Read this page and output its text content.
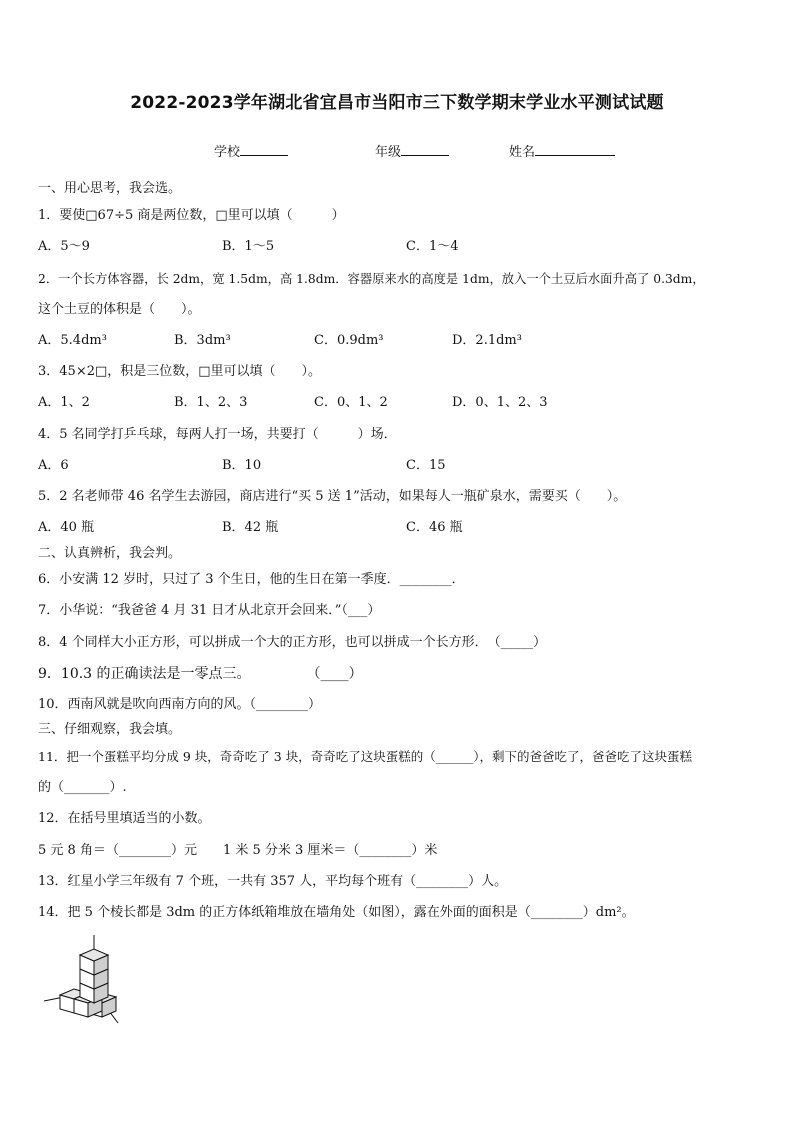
2022-2023学年湖北省宜昌市当阳市三下数学期末学业水平测试试题
学校	年级	姓名
一、用心思考，我会选。
1．要使□67÷5 商是两位数，□里可以填（　　　）
A．5～9	B．1～5	C．1～4
2．一个长方体容器，长 2dm，宽 1.5dm，高 1.8dm．容器原来水的高度是 1dm，放入一个土豆后水面升高了 0.3dm，
这个土豆的体积是（　　）。
A．5.4dm³	B．3dm³	C．0.9dm³	D．2.1dm³
3．45×2□，积是三位数，□里可以填（　　）。
A．1、2	B．1、2、3	C．0、1、2	D．0、1、2、3
4．5 名同学打乒乓球，每两人打一场，共要打（　　　）场．
A．6	B．10	C．15
5．2 名老师带 46 名学生去游园，商店进行“买 5 送 1”活动，如果每人一瓶矿泉水，需要买（　　）。
A．40 瓶	B．42 瓶	C．46 瓶
二、认真辨析，我会判。
6．小安满 12 岁时，只过了 3 个生日，他的生日在第一季度．________．
7．小华说：“我爸爸 4 月 31 日才从北京开会回来．”（___）
8．4 个同样大小正方形，可以拼成一个大的正方形，也可以拼成一个长方形．　（_____）
9．10.3 的正确读法是一零点三。　　　　　（____）
10．西南风就是吹向西南方向的风。（________）
三、仔细观察，我会填。
11．把一个蛋糕平均分成 9 块，奇奇吃了 3 块，奇奇吃了这块蛋糕的（______），剩下的爸爸吃了，爸爸吃了这块蛋糕
的（_______）.
12．在括号里填适当的小数。
5 元 8 角＝（________）元　　1 米 5 分米 3 厘米＝（________）米
13．红星小学三年级有 7 个班，一共有 357 人，平均每个班有（________）人。
14．把 5 个棱长都是 3dm 的正方体纸箱堆放在墙角处（如图），露在外面的面积是（________）dm²。
